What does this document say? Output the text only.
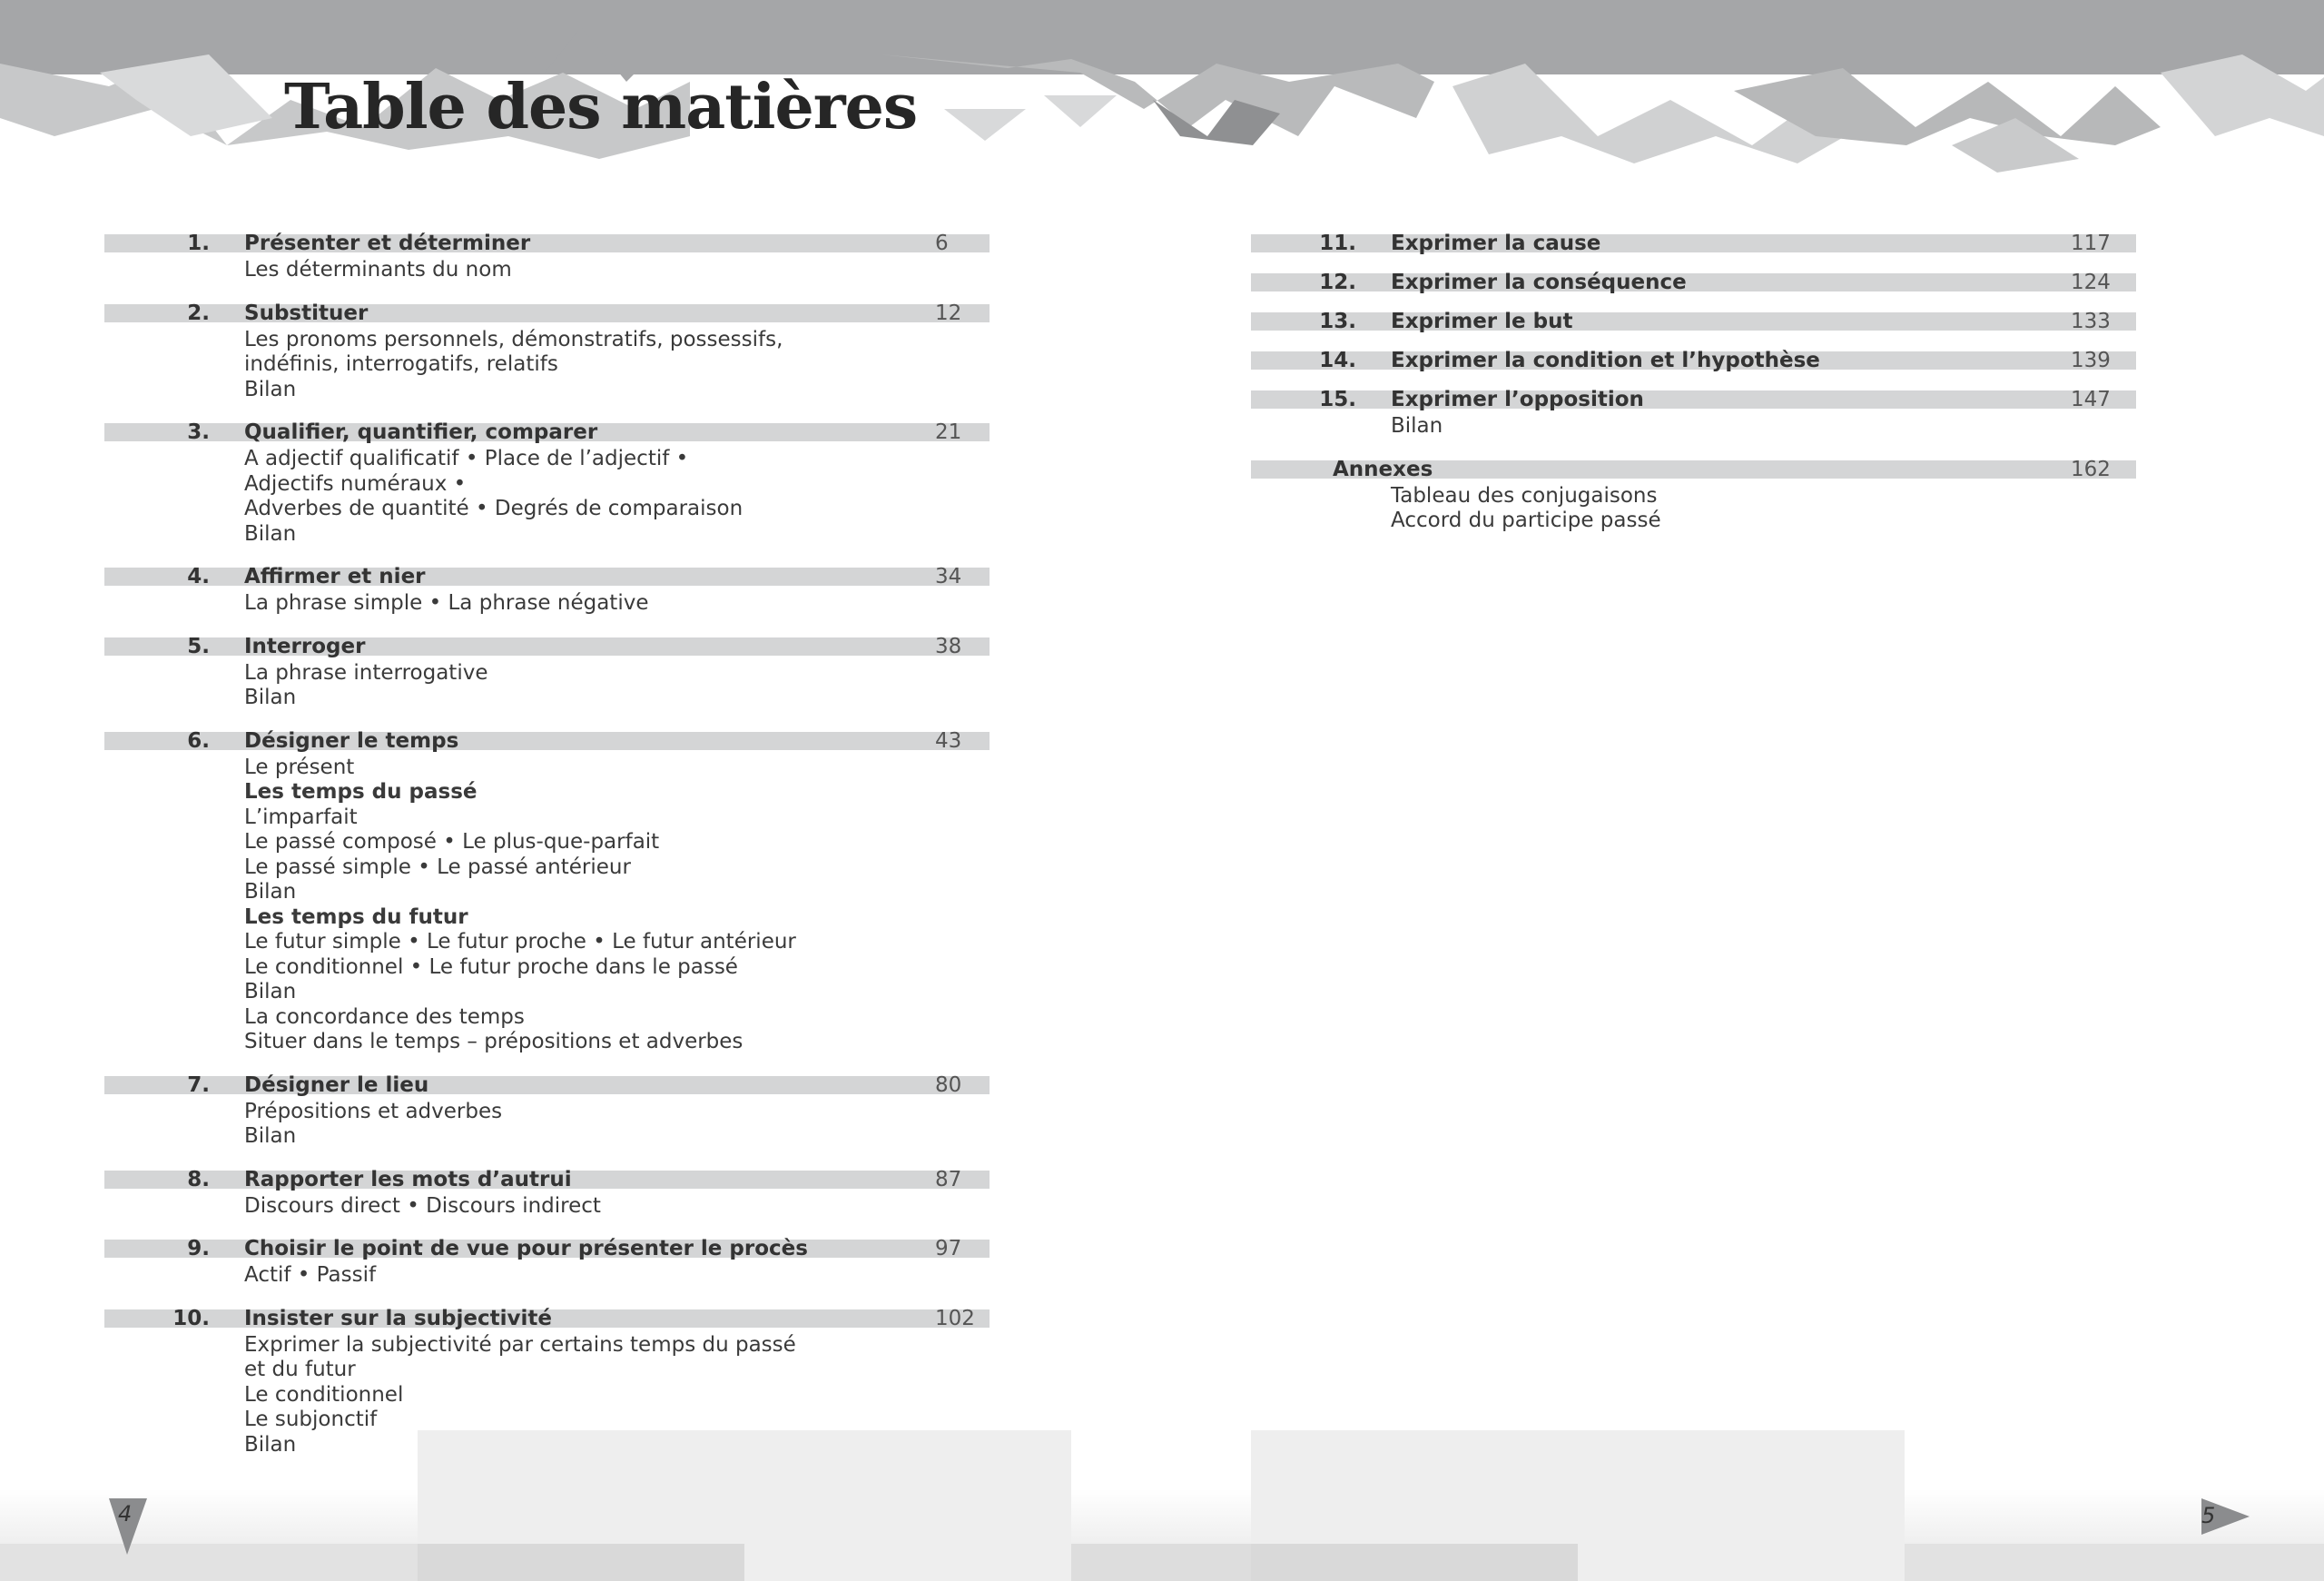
Table des matières
1. Présenter et déterminer	6
Les déterminants du nom
2. Substituer	12
Les pronoms personnels, démonstratifs, possessifs,
indéfinis, interrogatifs, relatifs
Bilan
3. Qualifier, quantifier, comparer	21
A adjectif qualificatif • Place de l’adjectif •
Adjectifs numéraux •
Adverbes de quantité • Degrés de comparaison
Bilan
4. Affirmer et nier	34
La phrase simple • La phrase négative
5. Interroger	38
La phrase interrogative
Bilan
6. Désigner le temps	43
Le présent
Les temps du passé
L’imparfait
Le passé composé • Le plus-que-parfait
Le passé simple • Le passé antérieur
Bilan
Les temps du futur
Le futur simple • Le futur proche • Le futur antérieur
Le conditionnel • Le futur proche dans le passé
Bilan
La concordance des temps
Situer dans le temps – prépositions et adverbes
7. Désigner le lieu	80
Prépositions et adverbes
Bilan
8. Rapporter les mots d’autrui	87
Discours direct • Discours indirect
9. Choisir le point de vue pour présenter le procès	97
Actif • Passif
10. Insister sur la subjectivité	102
Exprimer la subjectivité par certains temps du passé
et du futur
Le conditionnel
Le subjonctif
Bilan
11. Exprimer la cause	117
12. Exprimer la conséquence	124
13. Exprimer le but	133
14. Exprimer la condition et l’hypothèse	139
15. Exprimer l’opposition	147
Bilan
Annexes	162
Tableau des conjugaisons
Accord du participe passé
4	5
